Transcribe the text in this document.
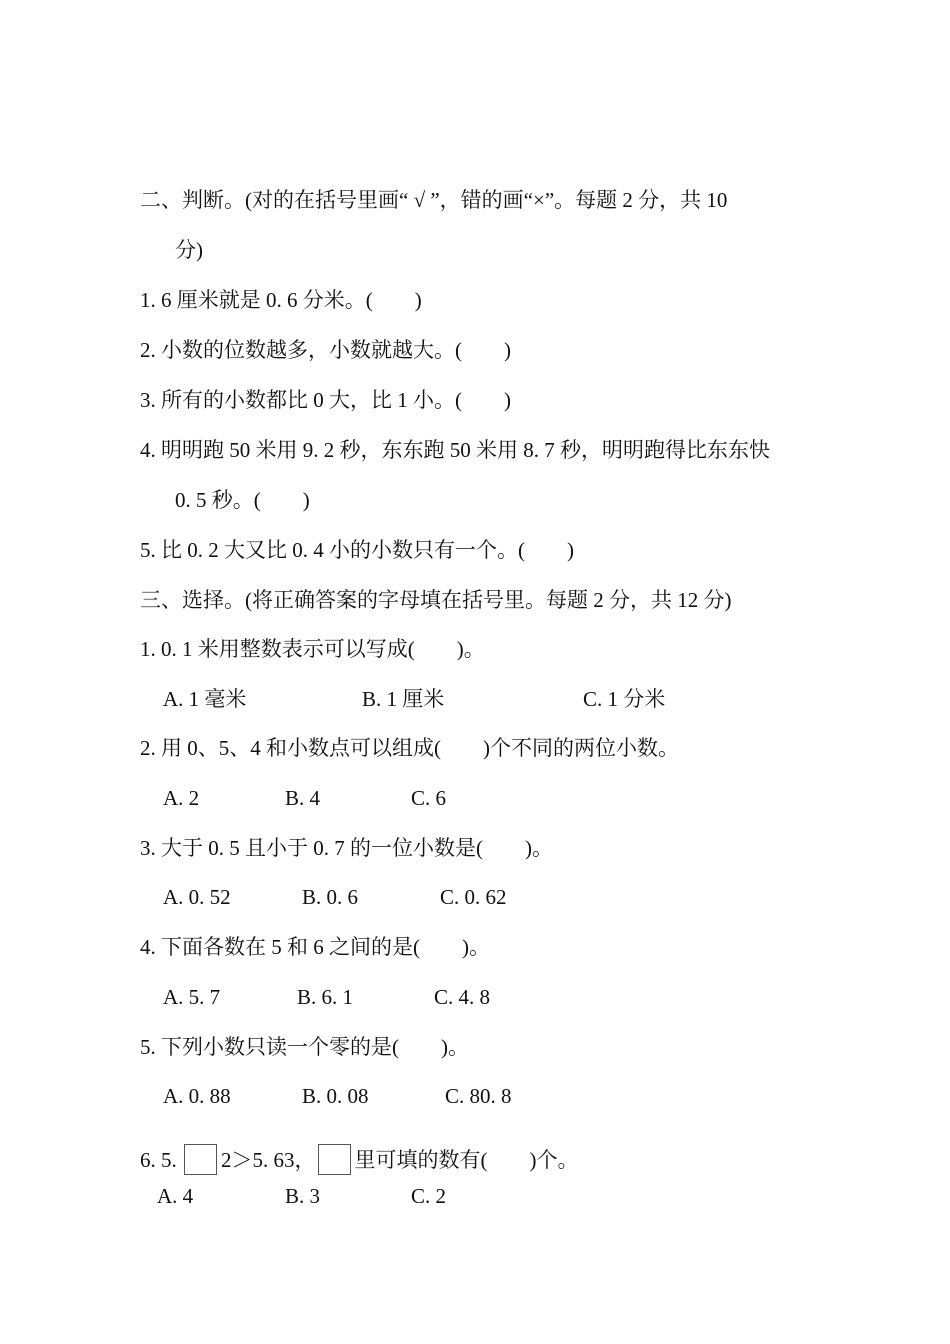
二、判断。(对的在括号里画“ √ ”，错的画“×”。每题 2 分，共 10
分)
1. 6 厘米就是 0. 6 分米。(        )
2. 小数的位数越多，小数就越大。(        )
3. 所有的小数都比 0 大，比 1 小。(        )
4. 明明跑 50 米用 9. 2 秒，东东跑 50 米用 8. 7 秒，明明跑得比东东快
0. 5 秒。(        )
5. 比 0. 2 大又比 0. 4 小的小数只有一个。(        )
三、选择。(将正确答案的字母填在括号里。每题 2 分，共 12 分)
1. 0. 1 米用整数表示可以写成(        )。
A. 1 毫米	B. 1 厘米	C. 1 分米
2. 用 0、5、4 和小数点可以组成(        )个不同的两位小数。
A. 2	B. 4	C. 6
3. 大于 0. 5 且小于 0. 7 的一位小数是(        )。
A. 0. 52	B. 0. 6	C. 0. 62
4. 下面各数在 5 和 6 之间的是(        )。
A. 5. 7	B. 6. 1	C. 4. 8
5. 下列小数只读一个零的是(        )。
A. 0. 88	B. 0. 08	C. 80. 8
6. 5. 2＞5. 63， 里可填的数有(        )个。
A. 4	B. 3	C. 2
